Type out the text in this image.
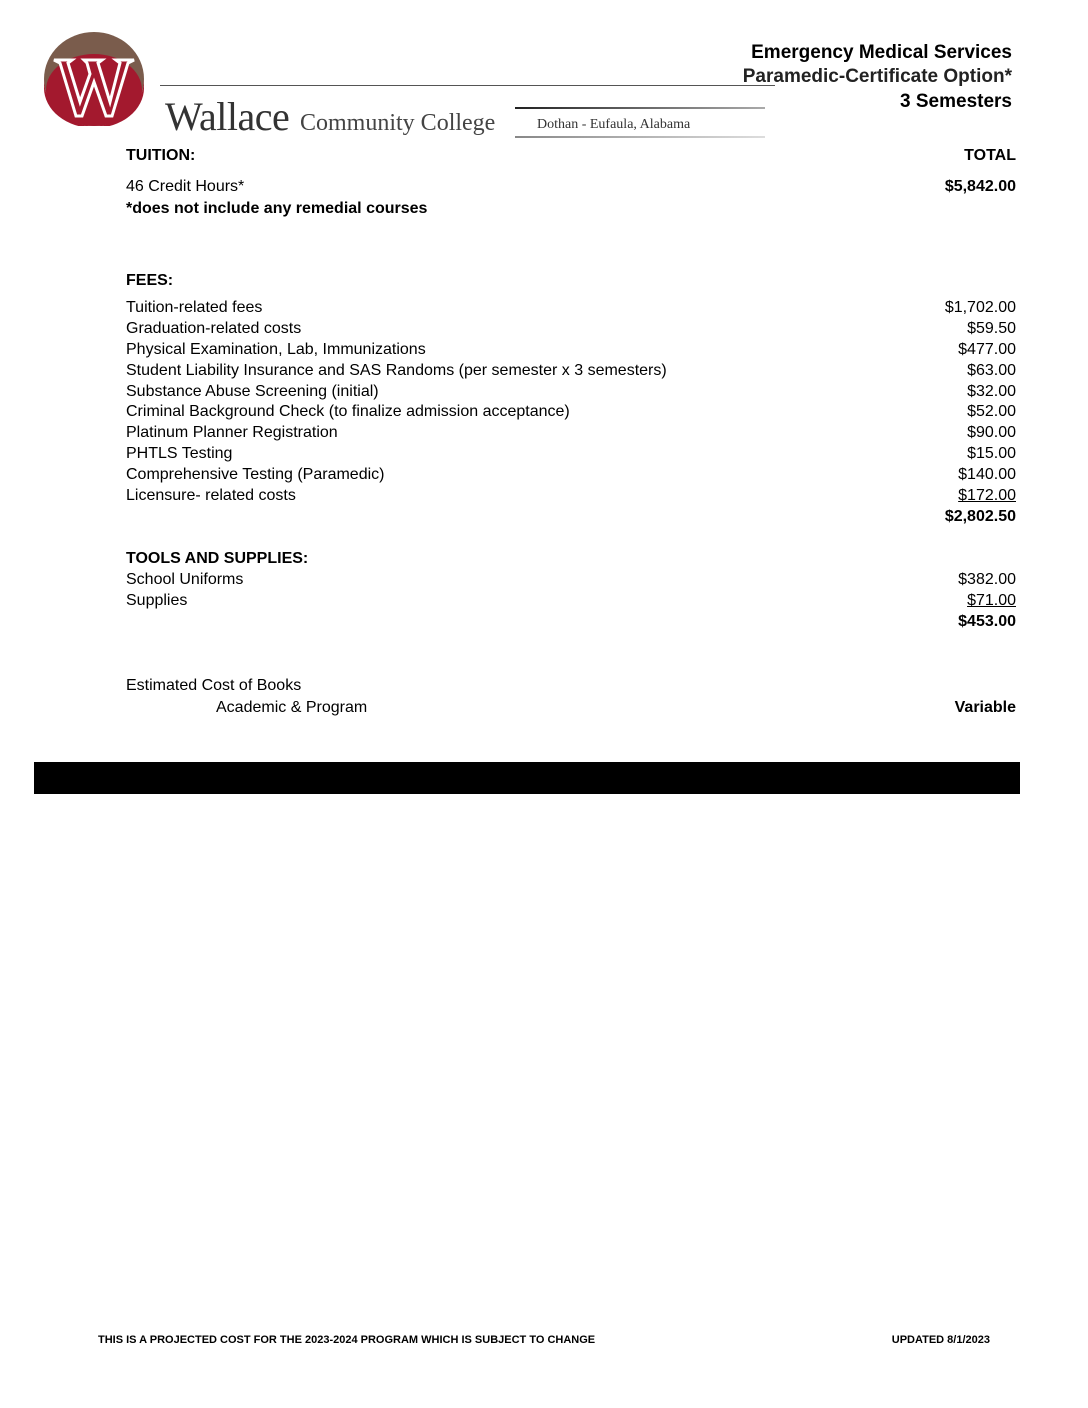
Wallace Community College	Dothan - Eufaula, Alabama
Emergency Medical Services
Paramedic-Certificate Option*
3 Semesters
TUITION:	TOTAL
46 Credit Hours*	$5,842.00
*does not include any remedial courses
FEES:
Tuition-related fees	$1,702.00
Graduation-related costs	$59.50
Physical Examination, Lab, Immunizations	$477.00
Student Liability Insurance and SAS Randoms (per semester x 3 semesters)	$63.00
Substance Abuse Screening (initial)	$32.00
Criminal Background Check (to finalize admission acceptance)	$52.00
Platinum Planner Registration	$90.00
PHTLS Testing	$15.00
Comprehensive Testing (Paramedic)	$140.00
Licensure- related costs	$172.00
$2,802.50
TOOLS AND SUPPLIES:
School Uniforms	$382.00
Supplies	$71.00
$453.00
Estimated Cost of Books
Academic & Program	Variable
THIS IS A PROJECTED COST FOR THE 2023-2024 PROGRAM WHICH IS SUBJECT TO CHANGE	UPDATED 8/1/2023
